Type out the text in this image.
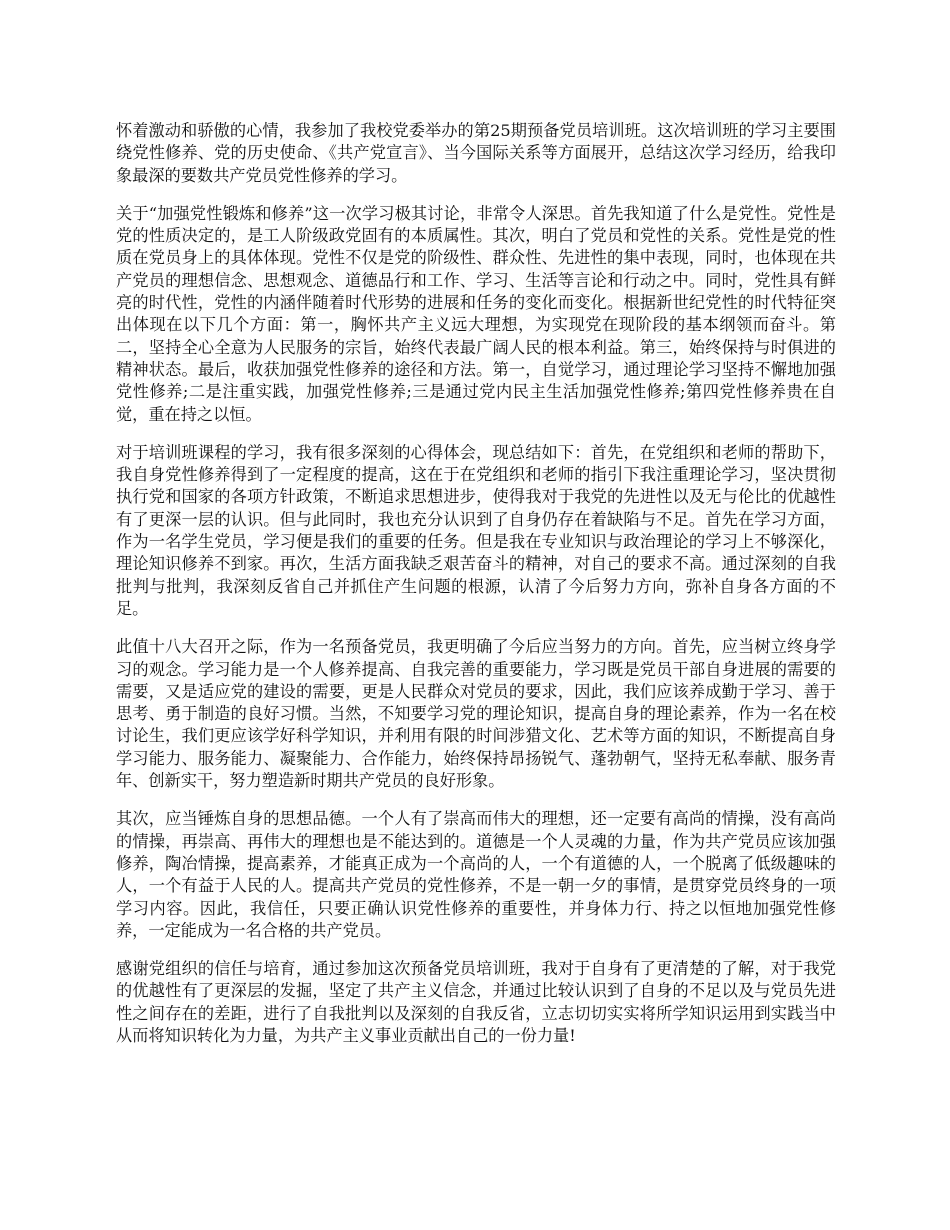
怀着激动和骄傲的心情，我参加了我校党委举办的第25期预备党员培训班。这次培训班的学习主要围绕党性修养、党的历史使命、《共产党宣言》、当今国际关系等方面展开，总结这次学习经历，给我印象最深的要数共产党员党性修养的学习。

关于“加强党性锻炼和修养”这一次学习极其讨论，非常令人深思。首先我知道了什么是党性。党性是党的性质决定的，是工人阶级政党固有的本质属性。其次，明白了党员和党性的关系。党性是党的性质在党员身上的具体体现。党性不仅是党的阶级性、群众性、先进性的集中表现，同时，也体现在共产党员的理想信念、思想观念、道德品行和工作、学习、生活等言论和行动之中。同时，党性具有鲜亮的时代性，党性的内涵伴随着时代形势的进展和任务的变化而变化。根据新世纪党性的时代特征突出体现在以下几个方面：第一，胸怀共产主义远大理想，为实现党在现阶段的基本纲领而奋斗。第二，坚持全心全意为人民服务的宗旨，始终代表最广阔人民的根本利益。第三，始终保持与时俱进的精神状态。最后，收获加强党性修养的途径和方法。第一，自觉学习，通过理论学习坚持不懈地加强党性修养;二是注重实践，加强党性修养;三是通过党内民主生活加强党性修养;第四党性修养贵在自觉，重在持之以恒。

对于培训班课程的学习，我有很多深刻的心得体会，现总结如下：首先，在党组织和老师的帮助下，我自身党性修养得到了一定程度的提高，这在于在党组织和老师的指引下我注重理论学习，坚决贯彻执行党和国家的各项方针政策，不断追求思想进步，使得我对于我党的先进性以及无与伦比的优越性有了更深一层的认识。但与此同时，我也充分认识到了自身仍存在着缺陷与不足。首先在学习方面，作为一名学生党员，学习便是我们的重要的任务。但是我在专业知识与政治理论的学习上不够深化，理论知识修养不到家。再次，生活方面我缺乏艰苦奋斗的精神，对自己的要求不高。通过深刻的自我批判与批判，我深刻反省自己并抓住产生问题的根源，认清了今后努力方向，弥补自身各方面的不足。

此值十八大召开之际，作为一名预备党员，我更明确了今后应当努力的方向。首先，应当树立终身学习的观念。学习能力是一个人修养提高、自我完善的重要能力，学习既是党员干部自身进展的需要的需要，又是适应党的建设的需要，更是人民群众对党员的要求，因此，我们应该养成勤于学习、善于思考、勇于制造的良好习惯。当然，不知要学习党的理论知识，提高自身的理论素养，作为一名在校讨论生，我们更应该学好科学知识，并利用有限的时间涉猎文化、艺术等方面的知识，不断提高自身学习能力、服务能力、凝聚能力、合作能力，始终保持昂扬锐气、蓬勃朝气，坚持无私奉献、服务青年、创新实干，努力塑造新时期共产党员的良好形象。

其次，应当锤炼自身的思想品德。一个人有了崇高而伟大的理想，还一定要有高尚的情操，没有高尚的情操，再崇高、再伟大的理想也是不能达到的。道德是一个人灵魂的力量，作为共产党员应该加强修养，陶冶情操，提高素养，才能真正成为一个高尚的人，一个有道德的人，一个脱离了低级趣味的人，一个有益于人民的人。提高共产党员的党性修养，不是一朝一夕的事情，是贯穿党员终身的一项学习内容。因此，我信任，只要正确认识党性修养的重要性，并身体力行、持之以恒地加强党性修养，一定能成为一名合格的共产党员。

感谢党组织的信任与培育，通过参加这次预备党员培训班，我对于自身有了更清楚的了解，对于我党的优越性有了更深层的发掘，坚定了共产主义信念，并通过比较认识到了自身的不足以及与党员先进性之间存在的差距，进行了自我批判以及深刻的自我反省，立志切切实实将所学知识运用到实践当中从而将知识转化为力量，为共产主义事业贡献出自己的一份力量!
